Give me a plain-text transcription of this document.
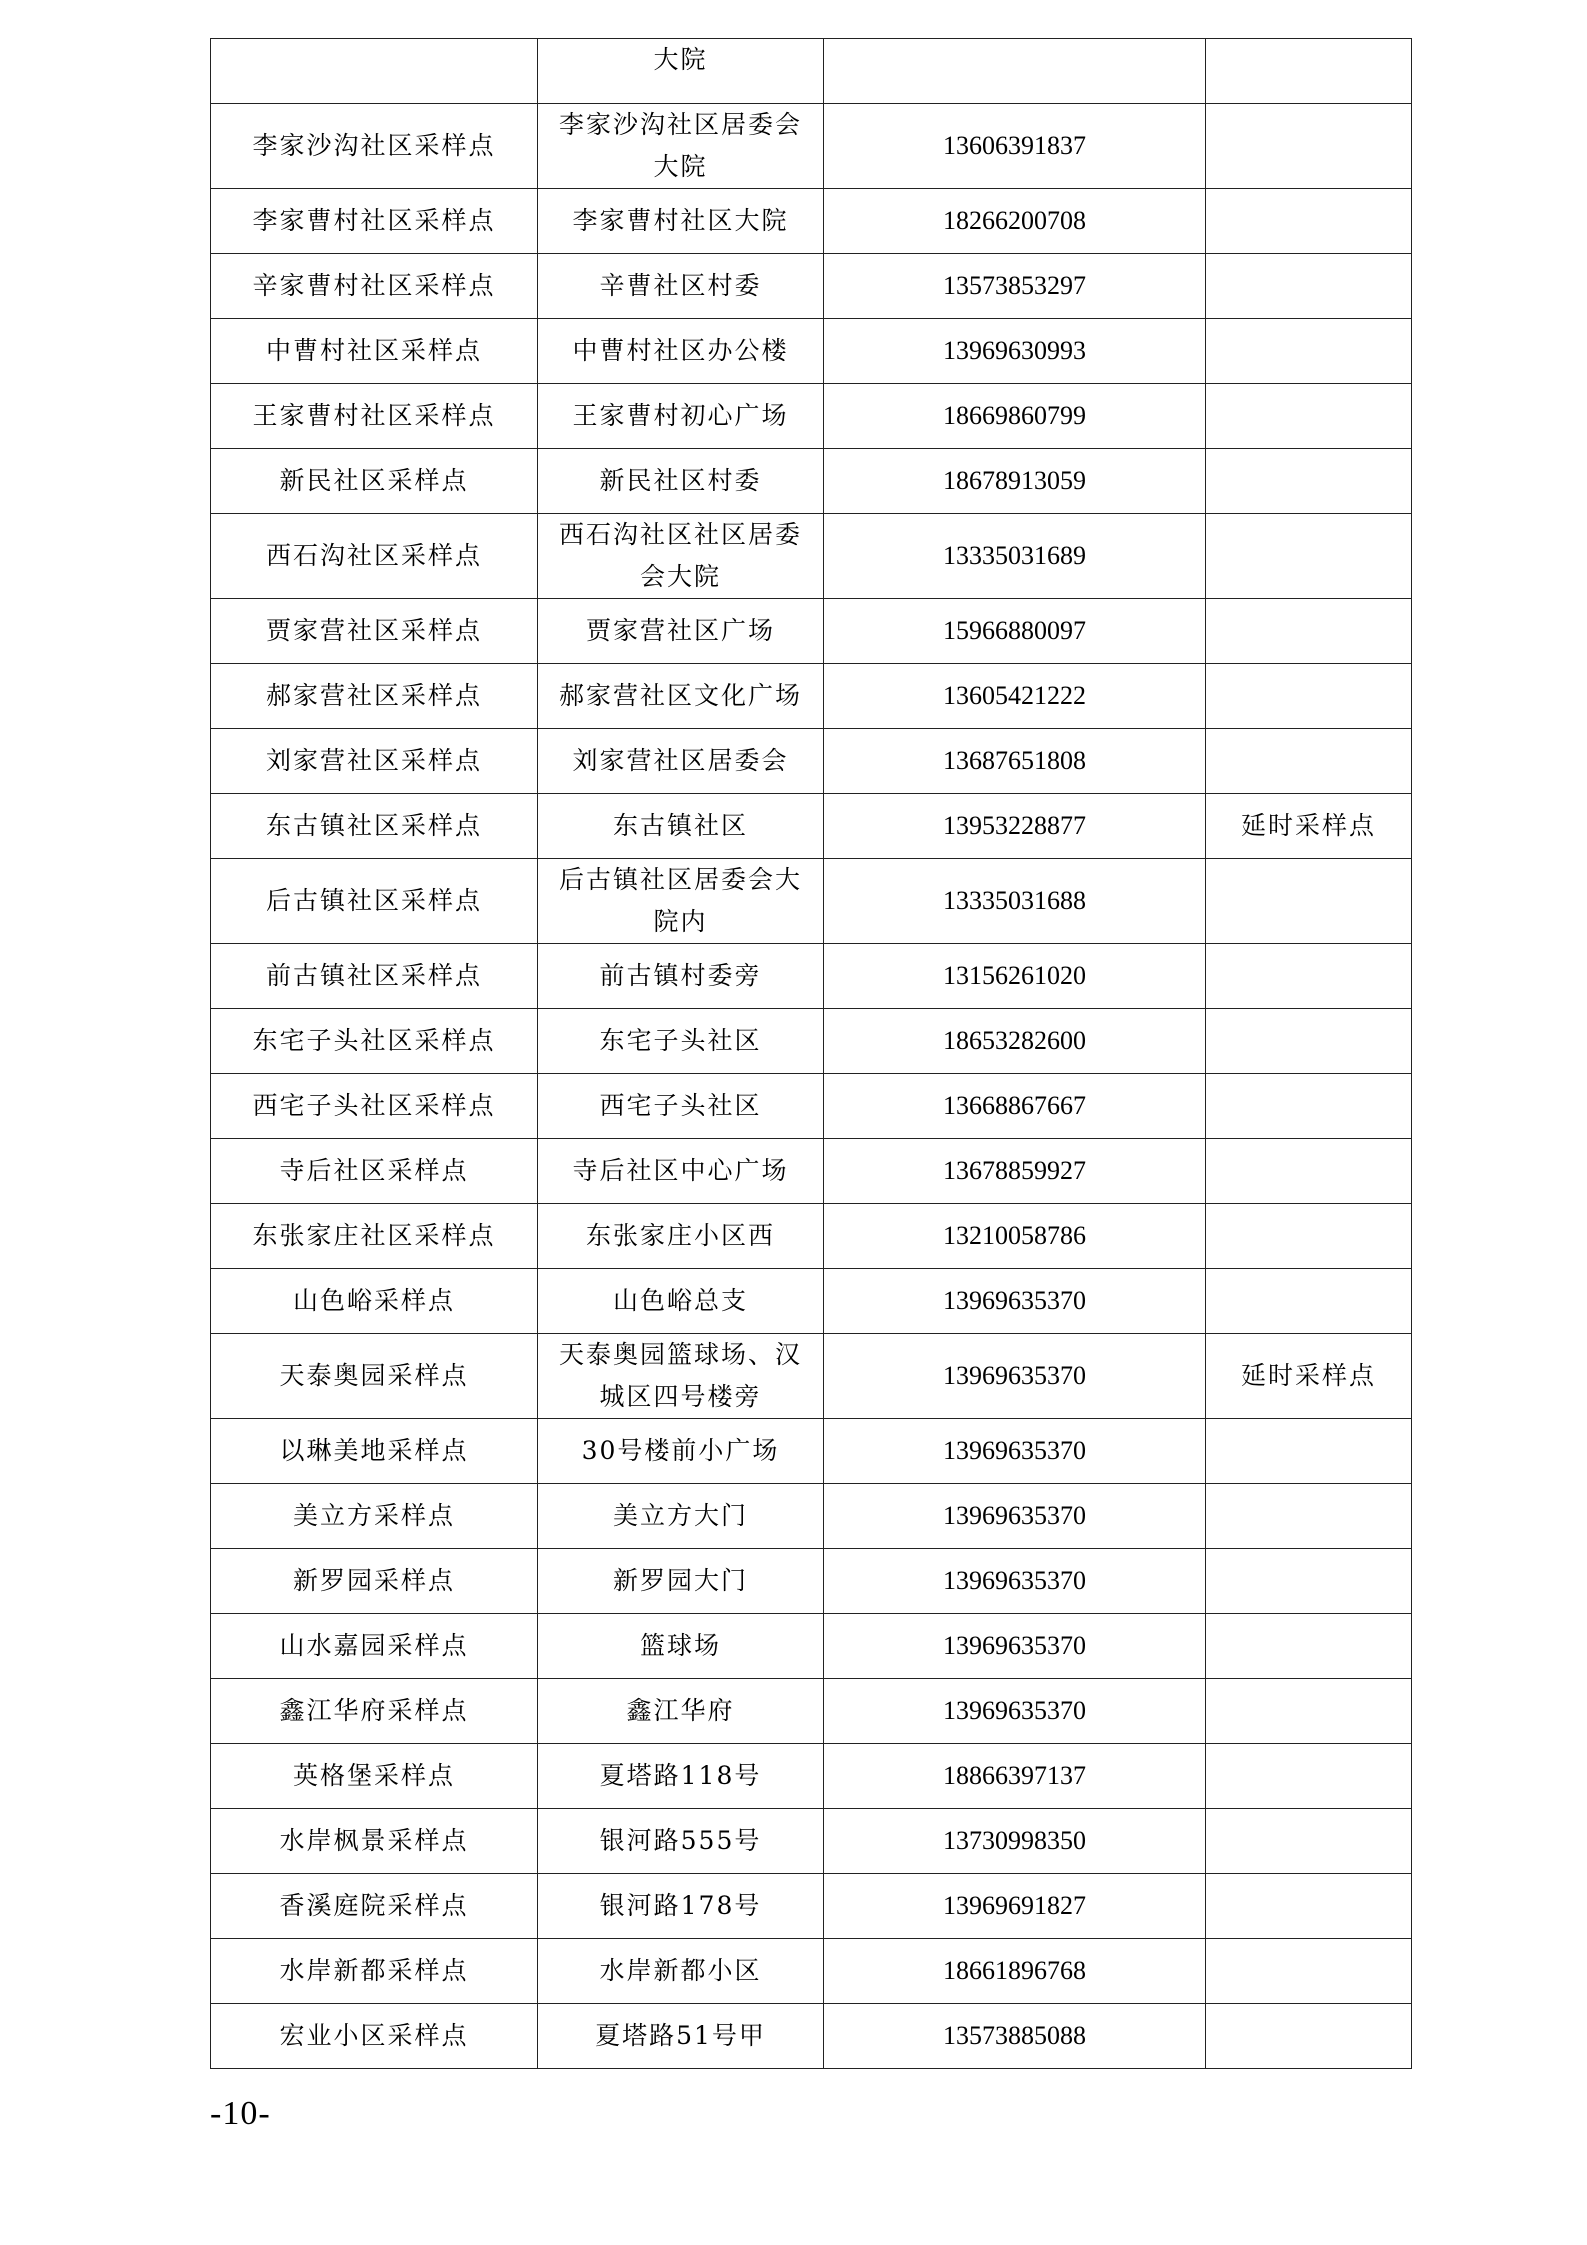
	大院		
李家沙沟社区采样点	李家沙沟社区居委会大院	13606391837	
李家曹村社区采样点	李家曹村社区大院	18266200708	
辛家曹村社区采样点	辛曹社区村委	13573853297	
中曹村社区采样点	中曹村社区办公楼	13969630993	
王家曹村社区采样点	王家曹村初心广场	18669860799	
新民社区采样点	新民社区村委	18678913059	
西石沟社区采样点	西石沟社区社区居委会大院	13335031689	
贾家营社区采样点	贾家营社区广场	15966880097	
郝家营社区采样点	郝家营社区文化广场	13605421222	
刘家营社区采样点	刘家营社区居委会	13687651808	
东古镇社区采样点	东古镇社区	13953228877	延时采样点
后古镇社区采样点	后古镇社区居委会大院内	13335031688	
前古镇社区采样点	前古镇村委旁	13156261020	
东宅子头社区采样点	东宅子头社区	18653282600	
西宅子头社区采样点	西宅子头社区	13668867667	
寺后社区采样点	寺后社区中心广场	13678859927	
东张家庄社区采样点	东张家庄小区西	13210058786	
山色峪采样点	山色峪总支	13969635370	
天泰奥园采样点	天泰奥园篮球场、汉城区四号楼旁	13969635370	延时采样点
以琳美地采样点	30号楼前小广场	13969635370	
美立方采样点	美立方大门	13969635370	
新罗园采样点	新罗园大门	13969635370	
山水嘉园采样点	篮球场	13969635370	
鑫江华府采样点	鑫江华府	13969635370	
英格堡采样点	夏塔路118号	18866397137	
水岸枫景采样点	银河路555号	13730998350	
香溪庭院采样点	银河路178号	13969691827	
水岸新都采样点	水岸新都小区	18661896768	
宏业小区采样点	夏塔路51号甲	13573885088	
-10-
